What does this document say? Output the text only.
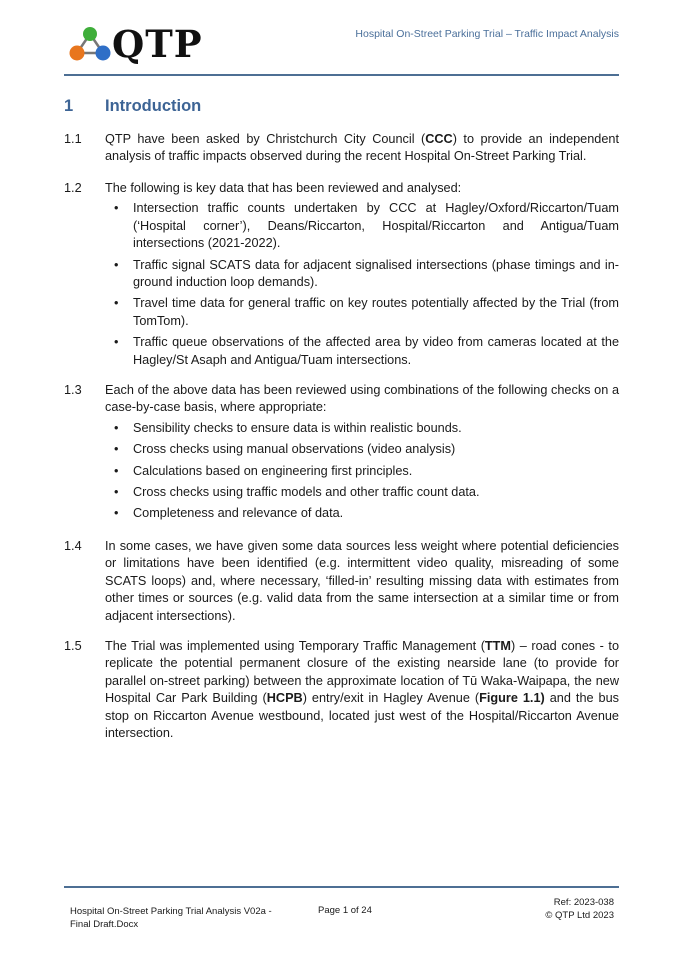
QTP	Hospital On-Street Parking Trial – Traffic Impact Analysis
1 Introduction
1.1 QTP have been asked by Christchurch City Council (CCC) to provide an independent analysis of traffic impacts observed during the recent Hospital On-Street Parking Trial.
1.2 The following is key data that has been reviewed and analysed:
• Intersection traffic counts undertaken by CCC at Hagley/Oxford/Riccarton/Tuam (‘Hospital corner’), Deans/Riccarton, Hospital/Riccarton and Antigua/Tuam intersections (2021-2022).
• Traffic signal SCATS data for adjacent signalised intersections (phase timings and in-ground induction loop demands).
• Travel time data for general traffic on key routes potentially affected by the Trial (from TomTom).
• Traffic queue observations of the affected area by video from cameras located at the Hagley/St Asaph and Antigua/Tuam intersections.
1.3 Each of the above data has been reviewed using combinations of the following checks on a case-by-case basis, where appropriate:
• Sensibility checks to ensure data is within realistic bounds.
• Cross checks using manual observations (video analysis)
• Calculations based on engineering first principles.
• Cross checks using traffic models and other traffic count data.
• Completeness and relevance of data.
1.4 In some cases, we have given some data sources less weight where potential deficiencies or limitations have been identified (e.g. intermittent video quality, misreading of some SCATS loops) and, where necessary, ‘filled-in’ resulting missing data with estimates from other times or sources (e.g. valid data from the same intersection at a similar time or from adjacent intersections).
1.5 The Trial was implemented using Temporary Traffic Management (TTM) – road cones - to replicate the potential permanent closure of the existing nearside lane (to provide for parallel on-street parking) between the approximate location of Tū Waka-Waipapa, the new Hospital Car Park Building (HCPB) entry/exit in Hagley Avenue (Figure 1.1) and the bus stop on Riccarton Avenue westbound, located just west of the Hospital/Riccarton Avenue intersection.
Hospital On-Street Parking Trial Analysis V02a - Final Draft.Docx
Page 1 of 24
Ref: 2023-038
© QTP Ltd 2023
